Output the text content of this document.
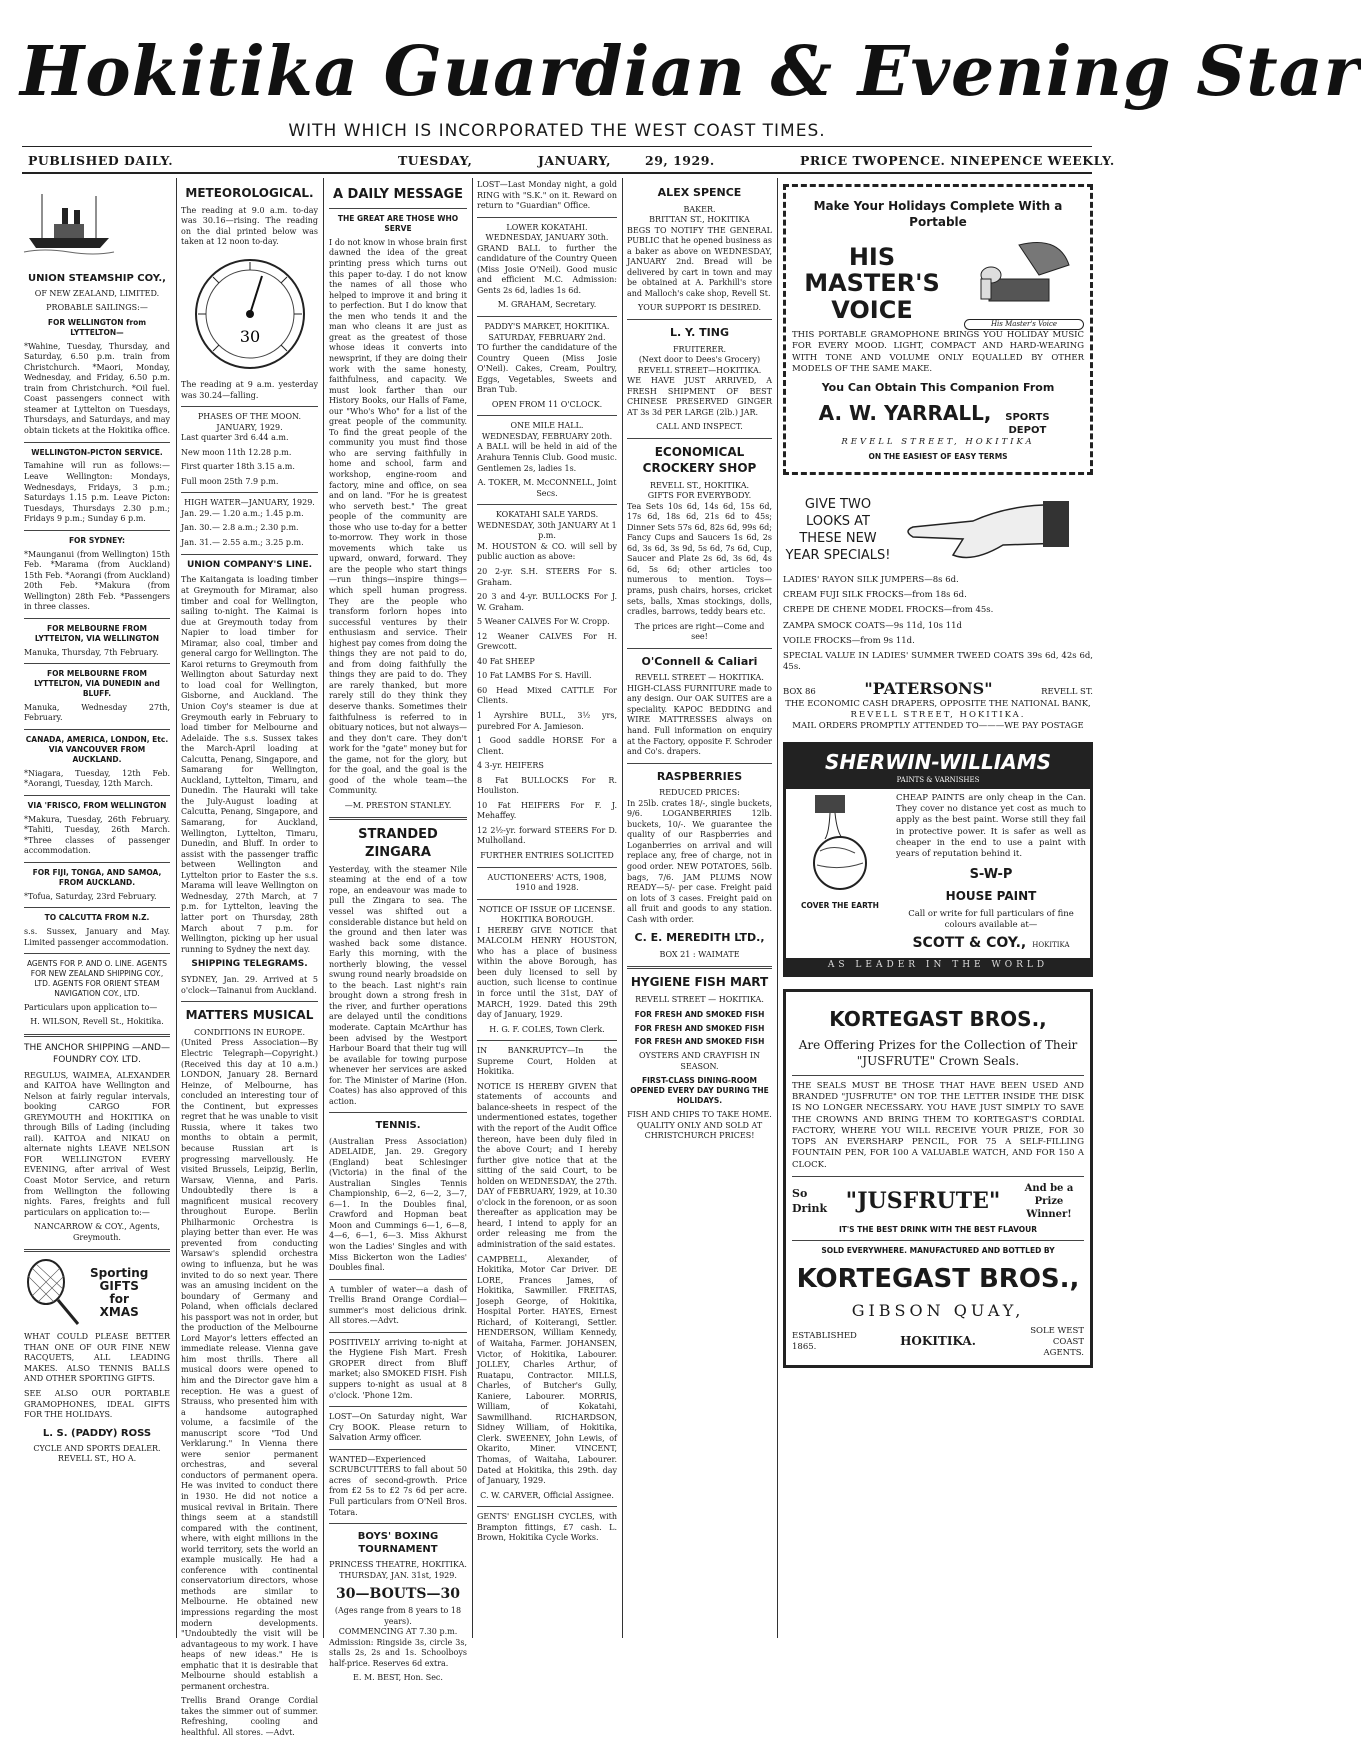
Hokitika Guardian & Evening Star
WITH WHICH IS INCORPORATED THE WEST COAST TIMES.
PUBLISHED DAILY.	TUESDAY,	JANUARY,	29, 1929.	PRICE TWOPENCE. NINEPENCE WEEKLY.
UNION STEAMSHIP COY.,
OF NEW ZEALAND, LIMITED.
PROBABLE SAILINGS:—
FOR WELLINGTON from LYTTELTON—
*Wahine, Tuesday, Thursday, and Saturday, 6.50 p.m. train from Christchurch. *Maori, Monday, Wednesday, and Friday, 6.50 p.m. train from Christchurch. *Oil fuel. Coast passengers connect with steamer at Lyttelton on Tuesdays, Thursdays, and Saturdays, and may obtain tickets at the Hokitika office.
WELLINGTON-PICTON SERVICE.
Tamahine will run as follows:— Leave Wellington: Mondays, Wednesdays, Fridays, 3 p.m.; Saturdays 1.15 p.m. Leave Picton: Tuesdays, Thursdays 2.30 p.m.; Fridays 9 p.m.; Sunday 6 p.m.
FOR SYDNEY:
*Maunganui (from Wellington) 15th Feb. *Marama (from Auckland) 15th Feb. *Aorangi (from Auckland) 20th Feb. *Makura (from Wellington) 28th Feb. *Passengers in three classes.
FOR MELBOURNE FROM LYTTELTON, VIA WELLINGTON
Manuka, Thursday, 7th February.
FOR MELBOURNE FROM LYTTELTON, VIA DUNEDIN and BLUFF.
Manuka, Wednesday 27th, February.
CANADA, AMERICA, LONDON, Etc. VIA VANCOUVER FROM AUCKLAND.
*Niagara, Tuesday, 12th Feb. *Aorangi, Tuesday, 12th March.
VIA 'FRISCO, FROM WELLINGTON
*Makura, Tuesday, 26th February. *Tahiti, Tuesday, 26th March. *Three classes of passenger accommodation.
FOR FIJI, TONGA, AND SAMOA, FROM AUCKLAND.
*Tofua, Saturday, 23rd February.
TO CALCUTTA FROM N.Z.
s.s. Sussex, January and May. Limited passenger accommodation.
AGENTS FOR P. AND O. LINE. AGENTS FOR NEW ZEALAND SHIPPING COY., LTD. AGENTS FOR ORIENT STEAM NAVIGATION COY., LTD.
Particulars upon application to—
H. WILSON, Revell St., Hokitika.
THE ANCHOR SHIPPING —AND— FOUNDRY COY. LTD.
REGULUS, WAIMEA, ALEXANDER and KAITOA have Wellington and Nelson at fairly regular intervals, booking CARGO FOR GREYMOUTH and HOKITIKA on through Bills of Lading (including rail). KAITOA and NIKAU on alternate nights LEAVE NELSON FOR WELLINGTON EVERY EVENING, after arrival of West Coast Motor Service, and return from Wellington the following nights. Fares, freights and full particulars on application to:—
NANCARROW & COY., Agents, Greymouth.
Sporting
GIFTS
for
XMAS
WHAT COULD PLEASE BETTER THAN ONE OF OUR FINE NEW RACQUETS, ALL LEADING MAKES. ALSO TENNIS BALLS AND OTHER SPORTING GIFTS.
SEE ALSO OUR PORTABLE GRAMOPHONES, IDEAL GIFTS FOR THE HOLIDAYS.
L. S. (PADDY) ROSS
CYCLE AND SPORTS DEALER. REVELL ST., HO A.
METEOROLOGICAL.
The reading at 9.0 a.m. to-day was 30.16—rising. The reading on the dial printed below was taken at 12 noon to-day.
30
The reading at 9 a.m. yesterday was 30.24—falling.
PHASES OF THE MOON. JANUARY, 1929.
Last quarter 3rd 6.44 a.m.
New moon 11th 12.28 p.m.
First quarter 18th 3.15 a.m.
Full moon 25th 7.9 p.m.
HIGH WATER—JANUARY, 1929.
Jan. 29.— 1.20 a.m.; 1.45 p.m.
Jan. 30.— 2.8 a.m.; 2.30 p.m.
Jan. 31.— 2.55 a.m.; 3.25 p.m.
UNION COMPANY'S LINE.
The Kaitangata is loading timber at Greymouth for Miramar, also timber and coal for Wellington, sailing to-night. The Kaimai is due at Greymouth today from Napier to load timber for Miramar, also coal, timber and general cargo for Wellington. The Karoi returns to Greymouth from Wellington about Saturday next to load coal for Wellington, Gisborne, and Auckland. The Union Coy's steamer is due at Greymouth early in February to load timber for Melbourne and Adelaide. The s.s. Sussex takes the March-April loading at Calcutta, Penang, Singapore, and Samarang for Wellington, Auckland, Lyttelton, Timaru, and Dunedin. The Hauraki will take the July-August loading at Calcutta, Penang, Singapore, and Samarang, for Auckland, Wellington, Lyttelton, Timaru, Dunedin, and Bluff. In order to assist with the passenger traffic between Wellington and Lyttelton prior to Easter the s.s. Marama will leave Wellington on Wednesday, 27th March, at 7 p.m. for Lyttelton, leaving the latter port on Thursday, 28th March about 7 p.m. for Wellington, picking up her usual running to Sydney the next day.
SHIPPING TELEGRAMS.
SYDNEY, Jan. 29. Arrived at 5 o'clock—Tainanui from Auckland.
MATTERS MUSICAL
CONDITIONS IN EUROPE.
(United Press Association—By Electric Telegraph—Copyright.) (Received this day at 10 a.m.) LONDON, January 28. Bernard Heinze, of Melbourne, has concluded an interesting tour of the Continent, but expresses regret that he was unable to visit Russia, where it takes two months to obtain a permit, because Russian art is progressing marvellously. He visited Brussels, Leipzig, Berlin, Warsaw, Vienna, and Paris. Undoubtedly there is a magnificent musical recovery throughout Europe. Berlin Philharmonic Orchestra is playing better than ever. He was prevented from conducting Warsaw's splendid orchestra owing to influenza, but he was invited to do so next year. There was an amusing incident on the boundary of Germany and Poland, when officials declared his passport was not in order, but the production of the Melbourne Lord Mayor's letters effected an immediate release. Vienna gave him most thrills. There all musical doors were opened to him and the Director gave him a reception. He was a guest of Strauss, who presented him with a handsome autographed volume, a facsimile of the manuscript score "Tod Und Verklarung." In Vienna there were senior permanent orchestras, and several conductors of permanent opera. He was invited to conduct there in 1930. He did not notice a musical revival in Britain. There things seem at a standstill compared with the continent, where, with eight millions in the world territory, sets the world an example musically. He had a conference with continental conservatorium directors, whose methods are similar to Melbourne. He obtained new impressions regarding the most modern developments. "Undoubtedly the visit will be advantageous to my work. I have heaps of new ideas." He is emphatic that it is desirable that Melbourne should establish a permanent orchestra.
Trellis Brand Orange Cordial takes the simmer out of summer. Refreshing, cooling and healthful. All stores. —Advt.
A DAILY MESSAGE
THE GREAT ARE THOSE WHO SERVE
I do not know in whose brain first dawned the idea of the great printing press which turns out this paper to-day. I do not know the names of all those who helped to improve it and bring it to perfection. But I do know that the men who tends it and the man who cleans it are just as great as the greatest of those whose ideas it converts into newsprint, if they are doing their work with the same honesty, faithfulness, and capacity. We must look farther than our History Books, our Halls of Fame, our "Who's Who" for a list of the great people of the community. To find the great people of the community you must find those who are serving faithfully in home and school, farm and workshop, engine-room and factory, mine and office, on sea and on land. "For he is greatest who serveth best." The great people of the community are those who use to-day for a better to-morrow. They work in those movements which take us upward, onward, forward. They are the people who start things —run things—inspire things—which spell human progress. They are the people who transform forlorn hopes into successful ventures by their enthusiasm and service. Their highest pay comes from doing the things they are not paid to do, and from doing faithfully the things they are paid to do. They are rarely thanked, but more rarely still do they think they deserve thanks. Sometimes their faithfulness is referred to in obituary notices, but not always—and they don't care. They don't work for the "gate" money but for the game, not for the glory, but for the goal, and the goal is the good of the whole team—the Community.
—M. PRESTON STANLEY.
STRANDED ZINGARA
Yesterday, with the steamer Nile steaming at the end of a tow rope, an endeavour was made to pull the Zingara to sea. The vessel was shifted out a considerable distance but held on the ground and then later was washed back some distance. Early this morning, with the northerly blowing, the vessel swung round nearly broadside on to the beach. Last night's rain brought down a strong fresh in the river, and further operations are delayed until the conditions moderate. Captain McArthur has been advised by the Westport Harbour Board that their tug will be available for towing purpose whenever her services are asked for. The Minister of Marine (Hon. Coates) has also approved of this action.
TENNIS.
(Australian Press Association) ADELAIDE, Jan. 29. Gregory (England) beat Schlesinger (Victoria) in the final of the Australian Singles Tennis Championship, 6—2, 6—2, 3—7, 6—1. In the Doubles final, Crawford and Hopman beat Moon and Cummings 6—1, 6—8, 4—6, 6—1, 6—3. Miss Akhurst won the Ladies' Singles and with Miss Bickerton won the Ladies' Doubles final.
A tumbler of water—a dash of Trellis Brand Orange Cordial—summer's most delicious drink. All stores.—Advt.
POSITIVELY arriving to-night at the Hygiene Fish Mart. Fresh GROPER direct from Bluff market; also SMOKED FISH. Fish suppers to-night as usual at 8 o'clock. 'Phone 12m.
LOST—On Saturday night, War Cry BOOK. Please return to Salvation Army officer.
WANTED—Experienced SCRUBCUTTERS to fall about 50 acres of second-growth. Price from £2 5s to £2 7s 6d per acre. Full particulars from O'Neil Bros. Totara.
BOYS' BOXING TOURNAMENT
PRINCESS THEATRE, HOKITIKA.
THURSDAY, JAN. 31st, 1929.
30—BOUTS—30
(Ages range from 8 years to 18 years).
COMMENCING AT 7.30 p.m.
Admission: Ringside 3s, circle 3s, stalls 2s, 2s and 1s. Schoolboys half-price. Reserves 6d extra.
E. M. BEST, Hon. Sec.
LOST—Last Monday night, a gold RING with "S.K." on it. Reward on return to "Guardian" Office.
LOWER KOKATAHI.
WEDNESDAY, JANUARY 30th.
GRAND BALL to further the candidature of the Country Queen (Miss Josie O'Neil). Good music and efficient M.C. Admission: Gents 2s 6d, ladies 1s 6d.
M. GRAHAM, Secretary.
PADDY'S MARKET, HOKITIKA.
SATURDAY, FEBRUARY 2nd.
TO further the candidature of the Country Queen (Miss Josie O'Neil). Cakes, Cream, Poultry, Eggs, Vegetables, Sweets and Bran Tub.
OPEN FROM 11 O'CLOCK.
ONE MILE HALL.
WEDNESDAY, FEBRUARY 20th.
A BALL will be held in aid of the Arahura Tennis Club. Good music. Gentlemen 2s, ladies 1s.
A. TOKER, M. McCONNELL, Joint Secs.
KOKATAHI SALE YARDS.
WEDNESDAY, 30th JANUARY At 1 p.m.
M. HOUSTON & CO. will sell by public auction as above:
20 2-yr. S.H. STEERS For S. Graham.
20 3 and 4-yr. BULLOCKS For J. W. Graham.
5 Weaner CALVES For W. Cropp.
12 Weaner CALVES For H. Grewcott.
40 Fat SHEEP
10 Fat LAMBS For S. Havill.
60 Head Mixed CATTLE For Clients.
1 Ayrshire BULL, 3½ yrs, purebred For A. Jamieson.
1 Good saddle HORSE For a Client.
4 3-yr. HEIFERS
8 Fat BULLOCKS For R. Houliston.
10 Fat HEIFERS For F. J. Mehaffey.
12 2½-yr. forward STEERS For D. Mulholland.
FURTHER ENTRIES SOLICITED
AUCTIONEERS' ACTS, 1908, 1910 and 1928.
NOTICE OF ISSUE OF LICENSE.
HOKITIKA BOROUGH.
I HEREBY GIVE NOTICE that MALCOLM HENRY HOUSTON, who has a place of business within the above Borough, has been duly licensed to sell by auction, such license to continue in force until the 31st, DAY of MARCH, 1929. Dated this 29th day of January, 1929.
H. G. F. COLES, Town Clerk.
IN BANKRUPTCY—In the Supreme Court, Holden at Hokitika.
NOTICE IS HEREBY GIVEN that statements of accounts and balance-sheets in respect of the undermentioned estates, together with the report of the Audit Office thereon, have been duly filed in the above Court; and I hereby further give notice that at the sitting of the said Court, to be holden on WEDNESDAY, the 27th. DAY of FEBRUARY, 1929, at 10.30 o'clock in the forenoon, or as soon thereafter as application may be heard, I intend to apply for an order releasing me from the administration of the said estates.
CAMPBELL, Alexander, of Hokitika, Motor Car Driver. DE LORE, Frances James, of Hokitika, Sawmiller. FREITAS, Joseph George, of Hokitika, Hospital Porter. HAYES, Ernest Richard, of Koiterangi, Settler. HENDERSON, William Kennedy, of Waitaha, Farmer. JOHANSEN, Victor, of Hokitika, Labourer. JOLLEY, Charles Arthur, of Ruatapu, Contractor. MILLS, Charles, of Butcher's Gully, Kaniere, Labourer. MORRIS, William, of Kokatahi, Sawmillhand. RICHARDSON, Sidney William, of Hokitika, Clerk. SWEENEY, John Lewis, of Okarito, Miner. VINCENT, Thomas, of Waitaha, Labourer. Dated at Hokitika, this 29th. day of January, 1929.
C. W. CARVER, Official Assignee.
GENTS' ENGLISH CYCLES, with Brampton fittings, £7 cash. L. Brown, Hokitika Cycle Works.
ALEX SPENCE
BAKER.
BRITTAN ST., HOKITIKA
BEGS TO NOTIFY THE GENERAL PUBLIC that he opened business as a baker as above on WEDNESDAY, JANUARY 2nd. Bread will be delivered by cart in town and may be obtained at A. Parkhill's store and Malloch's cake shop, Revell St.
YOUR SUPPORT IS DESIRED.
L. Y. TING
FRUITERER.
(Next door to Dees's Grocery) REVELL STREET—HOKITIKA.
WE HAVE JUST ARRIVED, A FRESH SHIPMENT OF BEST CHINESE PRESERVED GINGER AT 3s 3d PER LARGE (2lb.) JAR.
CALL AND INSPECT.
ECONOMICAL CROCKERY SHOP
REVELL ST., HOKITIKA.
GIFTS FOR EVERYBODY.
Tea Sets 10s 6d, 14s 6d, 15s 6d, 17s 6d, 18s 6d, 21s 6d to 45s; Dinner Sets 57s 6d, 82s 6d, 99s 6d; Fancy Cups and Saucers 1s 6d, 2s 6d, 3s 6d, 3s 9d, 5s 6d, 7s 6d, Cup, Saucer and Plate 2s 6d, 3s 6d, 4s 6d, 5s 6d; other articles too numerous to mention. Toys—prams, push chairs, horses, cricket sets, balls, Xmas stockings, dolls, cradles, barrows, teddy bears etc.
The prices are right—Come and see!
O'Connell & Caliari
REVELL STREET — HOKITIKA.
HIGH-CLASS FURNITURE made to any design. Our OAK SUITES are a speciality. KAPOC BEDDING and WIRE MATTRESSES always on hand. Full information on enquiry at the Factory, opposite F. Schroder and Co's. drapers.
RASPBERRIES
REDUCED PRICES:
In 25lb. crates 18/-, single buckets, 9/6. LOGANBERRIES 12lb. buckets, 10/-. We guarantee the quality of our Raspberries and Loganberries on arrival and will replace any, free of charge, not in good order. NEW POTATOES, 56lb. bags, 7/6. JAM PLUMS NOW READY—5/- per case. Freight paid on lots of 3 cases. Freight paid on all fruit and goods to any station. Cash with order.
C. E. MEREDITH LTD.,
BOX 21 : WAIMATE
HYGIENE FISH MART
REVELL STREET — HOKITIKA.
FOR FRESH AND SMOKED FISH
FOR FRESH AND SMOKED FISH
FOR FRESH AND SMOKED FISH
OYSTERS AND CRAYFISH IN SEASON.
FIRST-CLASS DINING-ROOM OPENED EVERY DAY DURING THE HOLIDAYS.
FISH AND CHIPS TO TAKE HOME.
QUALITY ONLY AND SOLD AT CHRISTCHURCH PRICES!
Make Your Holidays Complete With a Portable
HIS MASTER'S VOICE
His Master's Voice
THIS PORTABLE GRAMOPHONE BRINGS YOU HOLIDAY MUSIC FOR EVERY MOOD. LIGHT, COMPACT AND HARD-WEARING WITH TONE AND VOLUME ONLY EQUALLED BY OTHER MODELS OF THE SAME MAKE.
You Can Obtain This Companion From
A. W. YARRALL,	SPORTS DEPOT
REVELL STREET, HOKITIKA
ON THE EASIEST OF EASY TERMS
GIVE TWO LOOKS AT THESE NEW YEAR SPECIALS!
LADIES' RAYON SILK JUMPERS—8s 6d.
CREAM FUJI SILK FROCKS—from 18s 6d.
CREPE DE CHENE MODEL FROCKS—from 45s.
ZAMPA SMOCK COATS—9s 11d, 10s 11d
VOILE FROCKS—from 9s 11d.
SPECIAL VALUE IN LADIES' SUMMER TWEED COATS 39s 6d, 42s 6d, 45s.
BOX 86	"PATERSONS"	REVELL ST.
THE ECONOMIC CASH DRAPERS, OPPOSITE THE NATIONAL BANK,
REVELL STREET, HOKITIKA.
MAIL ORDERS PROMPTLY ATTENDED TO———WE PAY POSTAGE
SHERWIN-WILLIAMS
PAINTS & VARNISHES
COVER THE EARTH
CHEAP PAINTS are only cheap in the Can. They cover no distance yet cost as much to apply as the best paint. Worse still they fail in protective power. It is safer as well as cheaper in the end to use a paint with years of reputation behind it.
S-W-P
HOUSE PAINT
Call or write for full particulars of fine colours available at—
SCOTT & COY., HOKITIKA
AS LEADER IN THE WORLD
KORTEGAST BROS.,
Are Offering Prizes for the Collection of Their "JUSFRUTE" Crown Seals.
THE SEALS MUST BE THOSE THAT HAVE BEEN USED AND BRANDED "JUSFRUTE" ON TOP. THE LETTER INSIDE THE DISK IS NO LONGER NECESSARY. YOU HAVE JUST SIMPLY TO SAVE THE CROWNS AND BRING THEM TO KORTEGAST'S CORDIAL FACTORY, WHERE YOU WILL RECEIVE YOUR PRIZE, FOR 30 TOPS AN EVERSHARP PENCIL, FOR 75 A SELF-FILLING FOUNTAIN PEN, FOR 100 A VALUABLE WATCH, AND FOR 150 A CLOCK.
So Drink "JUSFRUTE"	And be a Prize Winner!
IT'S THE BEST DRINK WITH THE BEST FLAVOUR
SOLD EVERYWHERE. MANUFACTURED AND BOTTLED BY
KORTEGAST BROS.,
GIBSON QUAY,
ESTABLISHED 1865.	HOKITIKA.
SOLE WEST COAST AGENTS.
